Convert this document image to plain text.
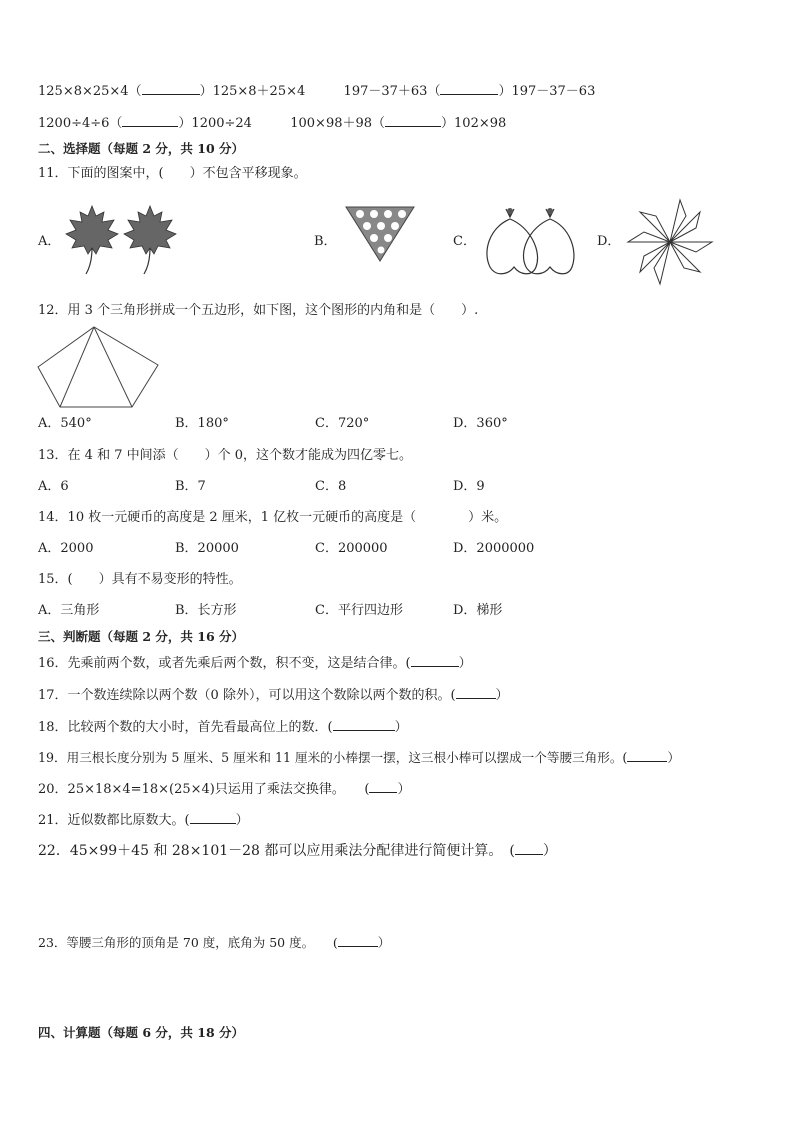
125×8×25×4（	）125×8＋25×4	197－37＋63（	）197－37－63
1200÷4÷6（	）1200÷24	100×98＋98（	）102×98
二、选择题（每题 2 分，共 10 分）
11．下面的图案中，(　　）不包含平移现象。
A．	B．	C．	D．
12．用 3 个三角形拼成一个五边形，如下图，这个图形的内角和是（　　）.
A．540°	B．180°	C．720°	D．360°
13．在 4 和 7 中间添（　　）个 0，这个数才能成为四亿零七。
A．6	B．7	C．8	D．9
14．10 枚一元硬币的高度是 2 厘米，1 亿枚一元硬币的高度是（　　　　）米。
A．2000	B．20000	C．200000	D．2000000
15．(　　）具有不易变形的特性。
A．三角形	B．长方形	C．平行四边形	D．梯形
三、判断题（每题 2 分，共 16 分）
16．先乘前两个数，或者先乘后两个数，积不变，这是结合律。(	）
17．一个数连续除以两个数（0 除外），可以用这个数除以两个数的积。(	）
18．比较两个数的大小时，首先看最高位上的数．(	）
19．用三根长度分别为 5 厘米、5 厘米和 11 厘米的小棒摆一摆，这三根小棒可以摆成一个等腰三角形。(	）
20．25×18×4=18×(25×4)只运用了乘法交换律。　　( ）
21．近似数都比原数大。(	）
22．45×99＋45 和 28×101－28 都可以应用乘法分配律进行简便计算。　( ）
23．等腰三角形的顶角是 70 度，底角为 50 度。　　(	）
四、计算题（每题 6 分，共 18 分）
